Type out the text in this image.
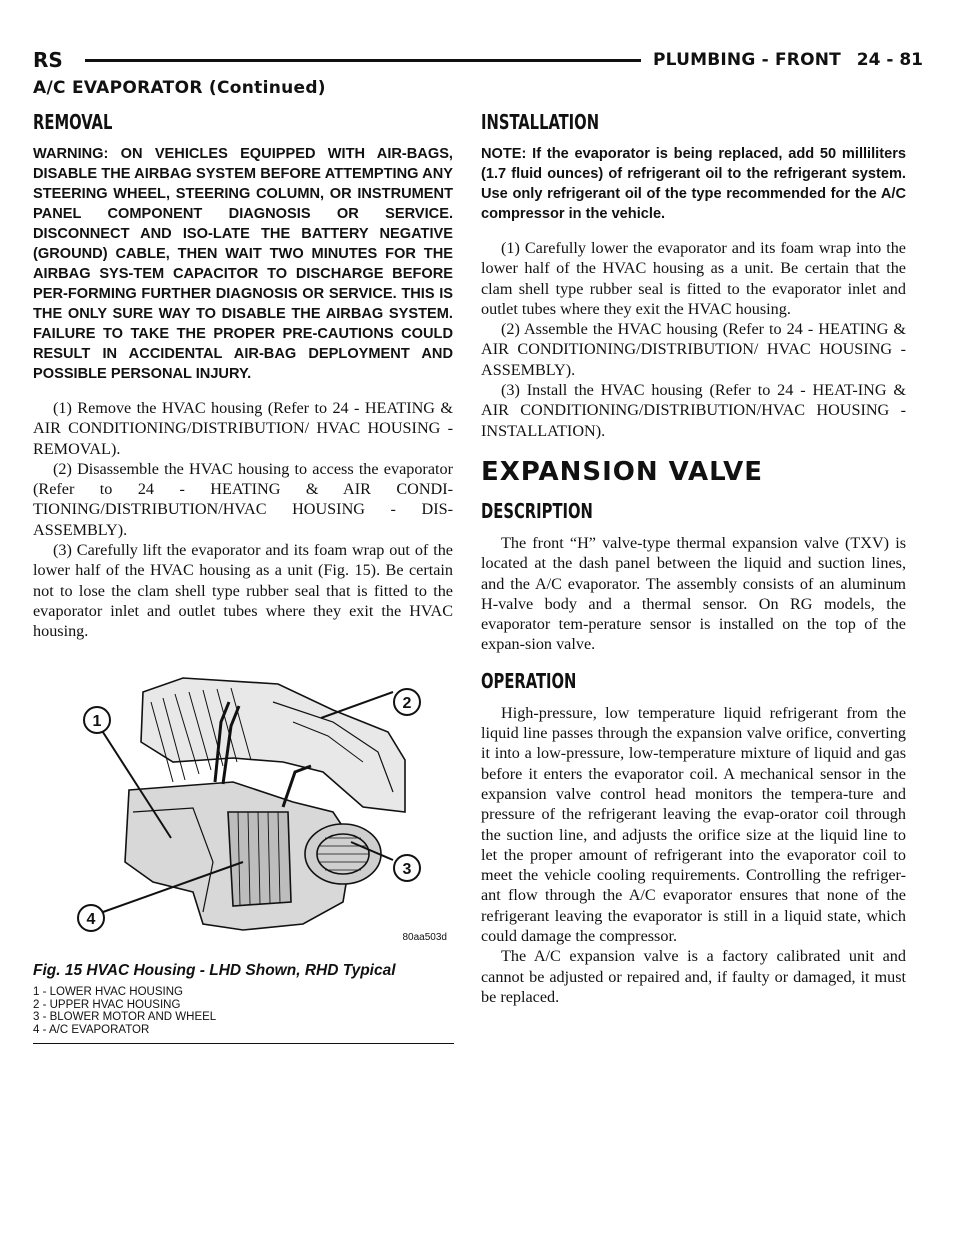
RS	PLUMBING - FRONT 24 - 81
A/C EVAPORATOR (Continued)
REMOVAL

WARNING: ON VEHICLES EQUIPPED WITH AIR-BAGS, DISABLE THE AIRBAG SYSTEM BEFORE ATTEMPTING ANY STEERING WHEEL, STEERING COLUMN, OR INSTRUMENT PANEL COMPONENT DIAGNOSIS OR SERVICE. DISCONNECT AND ISO-LATE THE BATTERY NEGATIVE (GROUND) CABLE, THEN WAIT TWO MINUTES FOR THE AIRBAG SYS-TEM CAPACITOR TO DISCHARGE BEFORE PER-FORMING FURTHER DIAGNOSIS OR SERVICE. THIS IS THE ONLY SURE WAY TO DISABLE THE AIRBAG SYSTEM. FAILURE TO TAKE THE PROPER PRE-CAUTIONS COULD RESULT IN ACCIDENTAL AIR-BAG DEPLOYMENT AND POSSIBLE PERSONAL INJURY.

(1) Remove the HVAC housing (Refer to 24 - HEATING & AIR CONDITIONING/DISTRIBUTION/ HVAC HOUSING - REMOVAL).

(2) Disassemble the HVAC housing to access the evaporator (Refer to 24 - HEATING & AIR CONDI-TIONING/DISTRIBUTION/HVAC HOUSING - DIS-ASSEMBLY).

(3) Carefully lift the evaporator and its foam wrap out of the lower half of the HVAC housing as a unit (Fig. 15). Be certain not to lose the clam shell type rubber seal that is fitted to the evaporator inlet and outlet tubes where they exit the HVAC housing.

1
2
3
4
80aa503d
Fig. 15 HVAC Housing - LHD Shown, RHD Typical
1 - LOWER HVAC HOUSING
2 - UPPER HVAC HOUSING
3 - BLOWER MOTOR AND WHEEL
4 - A/C EVAPORATOR
INSTALLATION

NOTE: If the evaporator is being replaced, add 50 milliliters (1.7 fluid ounces) of refrigerant oil to the refrigerant system. Use only refrigerant oil of the type recommended for the A/C compressor in the vehicle.

(1) Carefully lower the evaporator and its foam wrap into the lower half of the HVAC housing as a unit. Be certain that the clam shell type rubber seal is fitted to the evaporator inlet and outlet tubes where they exit the HVAC housing.

(2) Assemble the HVAC housing (Refer to 24 - HEATING & AIR CONDITIONING/DISTRIBUTION/ HVAC HOUSING - ASSEMBLY).

(3) Install the HVAC housing (Refer to 24 - HEAT-ING & AIR CONDITIONING/DISTRIBUTION/HVAC HOUSING - INSTALLATION).

EXPANSION VALVE
DESCRIPTION

The front “H” valve-type thermal expansion valve (TXV) is located at the dash panel between the liquid and suction lines, and the A/C evaporator. The assembly consists of an aluminum H-valve body and a thermal sensor. On RG models, the evaporator tem-perature sensor is installed on the top of the expan-sion valve.

OPERATION

High-pressure, low temperature liquid refrigerant from the liquid line passes through the expansion valve orifice, converting it into a low-pressure, low-temperature mixture of liquid and gas before it enters the evaporator coil. A mechanical sensor in the expansion valve control head monitors the tempera-ture and pressure of the refrigerant leaving the evap-orator coil through the suction line, and adjusts the orifice size at the liquid line to let the proper amount of refrigerant into the evaporator coil to meet the vehicle cooling requirements. Controlling the refriger-ant flow through the A/C evaporator ensures that none of the refrigerant leaving the evaporator is still in a liquid state, which could damage the compressor.

The A/C expansion valve is a factory calibrated unit and cannot be adjusted or repaired and, if faulty or damaged, it must be replaced.
